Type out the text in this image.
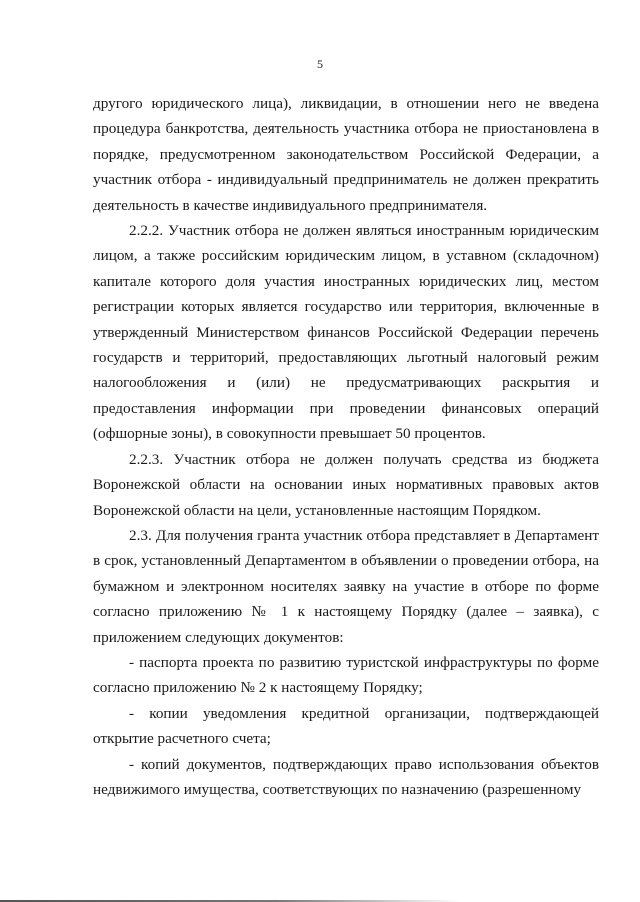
5

другого юридического лица), ликвидации, в отношении него не введена процедура банкротства, деятельность участника отбора не приостановлена в порядке, предусмотренном законодательством Российской Федерации, а участник отбора - индивидуальный предприниматель не должен прекратить деятельность в качестве индивидуального предпринимателя.

2.2.2. Участник отбора не должен являться иностранным юридическим лицом, а также российским юридическим лицом, в уставном (складочном) капитале которого доля участия иностранных юридических лиц, местом регистрации которых является государство или территория, включенные в утвержденный Министерством финансов Российской Федерации перечень государств и территорий, предоставляющих льготный налоговый режим налогообложения и (или) не предусматривающих раскрытия и предоставления информации при проведении финансовых операций (офшорные зоны), в совокупности превышает 50 процентов.

2.2.3. Участник отбора не должен получать средства из бюджета Воронежской области на основании иных нормативных правовых актов Воронежской области на цели, установленные настоящим Порядком.

2.3. Для получения гранта участник отбора представляет в Департамент в срок, установленный Департаментом в объявлении о проведении отбора, на бумажном и электронном носителях заявку на участие в отборе по форме согласно приложению № 1 к настоящему Порядку (далее – заявка), с приложением следующих документов:

- паспорта проекта по развитию туристской инфраструктуры по форме согласно приложению № 2 к настоящему Порядку;

- копии уведомления кредитной организации, подтверждающей открытие расчетного счета;

- копий документов, подтверждающих право использования объектов недвижимого имущества, соответствующих по назначению (разрешенному
